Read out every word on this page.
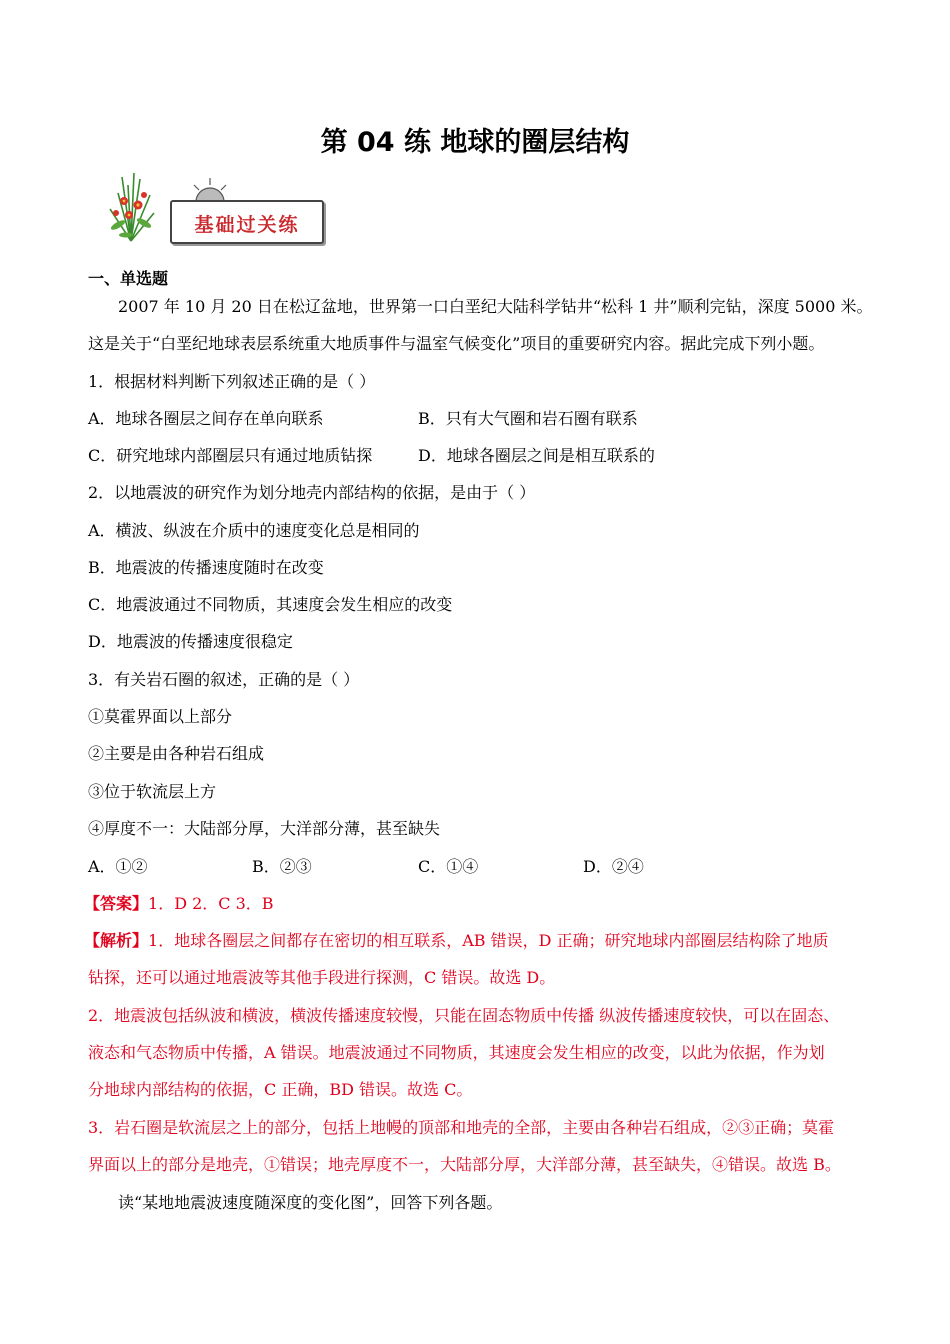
第 04 练 地球的圈层结构
基础过关练
一、单选题
2007 年 10 月 20 日在松辽盆地，世界第一口白垩纪大陆科学钻井“松科 1 井”顺利完钻，深度 5000 米。
这是关于“白垩纪地球表层系统重大地质事件与温室气候变化”项目的重要研究内容。据此完成下列小题。
1．根据材料判断下列叙述正确的是（ ）
A．地球各圈层之间存在单向联系	B．只有大气圈和岩石圈有联系
C．研究地球内部圈层只有通过地质钻探	D．地球各圈层之间是相互联系的
2．以地震波的研究作为划分地壳内部结构的依据，是由于（ ）
A．横波、纵波在介质中的速度变化总是相同的
B．地震波的传播速度随时在改变
C．地震波通过不同物质，其速度会发生相应的改变
D．地震波的传播速度很稳定
3．有关岩石圈的叙述，正确的是（ ）
①莫霍界面以上部分
②主要是由各种岩石组成
③位于软流层上方
④厚度不一：大陆部分厚，大洋部分薄，甚至缺失
A．①②	B．②③	C．①④	D．②④
【答案】1．D 2．C 3．B
【解析】1．地球各圈层之间都存在密切的相互联系，AB 错误，D 正确；研究地球内部圈层结构除了地质
钻探，还可以通过地震波等其他手段进行探测，C 错误。故选 D。
2．地震波包括纵波和横波，横波传播速度较慢，只能在固态物质中传播 纵波传播速度较快，可以在固态、
液态和气态物质中传播，A 错误。地震波通过不同物质，其速度会发生相应的改变，以此为依据，作为划
分地球内部结构的依据，C 正确，BD 错误。故选 C。
3．岩石圈是软流层之上的部分，包括上地幔的顶部和地壳的全部，主要由各种岩石组成，②③正确；莫霍
界面以上的部分是地壳，①错误；地壳厚度不一，大陆部分厚，大洋部分薄，甚至缺失，④错误。故选 B。
读“某地地震波速度随深度的变化图”，回答下列各题。
